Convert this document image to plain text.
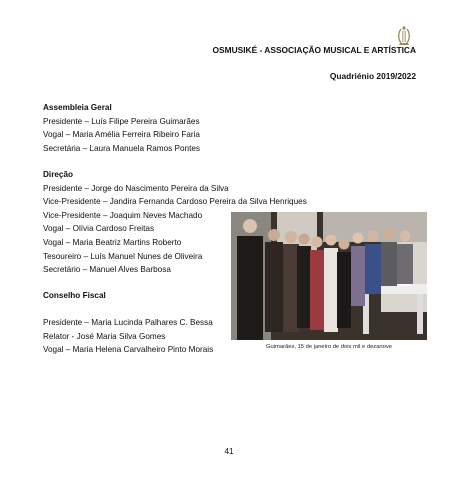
OSMUSIKÉ - ASSOCIAÇÃO MUSICAL E ARTÍSTICA
Quadriénio 2019/2022
Assembleia Geral
Presidente – Luís Filipe Pereira Guimarães
Vogal – Maria Amélia Ferreira Ribeiro Faria
Secretária – Laura Manuela Ramos Pontes
Direção
Presidente – Jorge do Nascimento Pereira da Silva
Vice-Presidente – Jandira Fernanda Cardoso Pereira da Silva Henriques
Vice-Presidente – Joaquim Neves Machado
Vogal – Olívia Cardoso Freitas
Vogal – Maria Beatriz Martins Roberto
Tesoureiro – Luís Manuel Nunes de Oliveira
Secretário – Manuel Alves Barbosa
Conselho Fiscal
Presidente – Maria Lucinda Palhares C. Bessa
Relator - José Maria Silva Gomes
Vogal – Maria Helena Carvalheiro Pinto Morais	Guimarães, 15 de janeiro de dois mil e dezanove
41
